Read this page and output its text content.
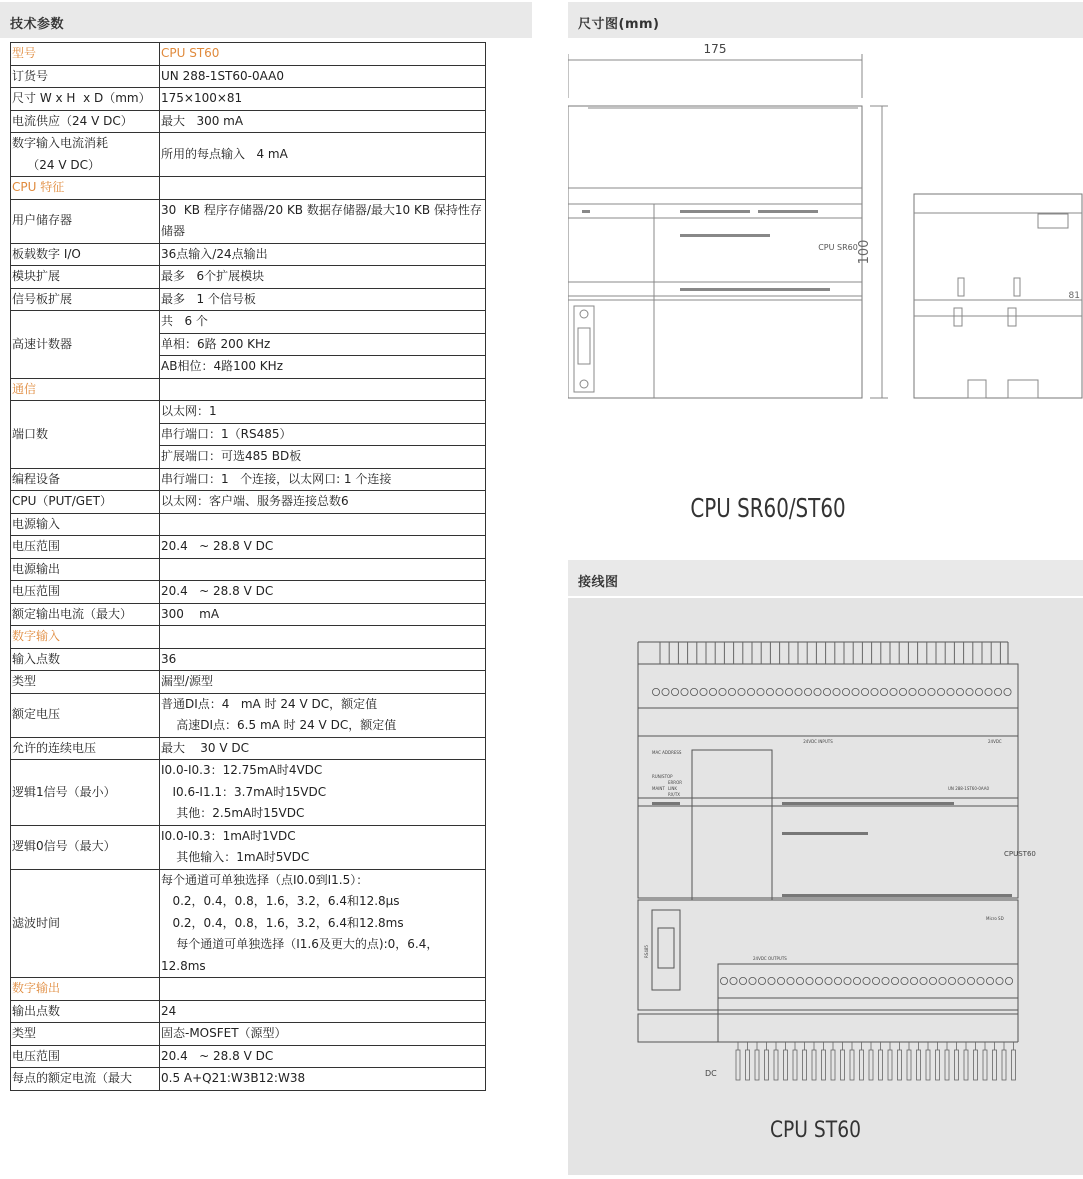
技术参数
型号	CPU ST60
订货号	UN 288-1ST60-0AA0
尺寸 W x H  x D（mm）	175×100×81
电流供应（24 V DC）	最大   300 mA
数字输入电流消耗
（24 V DC）	所用的每点输入   4 mA
CPU 特征	
用户储存器	30  KB 程序存储器/20 KB 数据存储器/最大10 KB 保持性存储器
板载数字 I/O	36点输入/24点输出
模块扩展	最多   6个扩展模块
信号板扩展	最多   1 个信号板
高速计数器	共   6 个
	单相：6路 200 KHz
	AB相位：4路100 KHz
通信	
端口数	以太网：1
	串行端口：1（RS485）
	扩展端口：可选485 BD板
编程设备	串行端口：1   个连接，以太网口: 1 个连接
CPU（PUT/GET）	以太网：客户端、服务器连接总数6
电源输入	
电压范围	20.4   ~ 28.8 V DC
电源输出	
电压范围	20.4   ~ 28.8 V DC
额定输出电流（最大）	300    mA
数字输入	
输入点数	36
类型	漏型/源型
额定电压	普通DI点：4   mA 时 24 V DC，额定值
高速DI点：6.5 mA 时 24 V DC，额定值
允许的连续电压	最大    30 V DC
逻辑1信号（最小）	I0.0-I0.3：12.75mA时4VDC
I0.6-I1.1：3.7mA时15VDC
其他：2.5mA时15VDC
逻辑0信号（最大）	I0.0-I0.3：1mA时1VDC
其他输入：1mA时5VDC
滤波时间	每个通道可单独选择（点I0.0到I1.5）：
0.2，0.4，0.8，1.6，3.2，6.4和12.8μs
0.2，0.4，0.8，1.6，3.2，6.4和12.8ms
每个通道可单独选择（I1.6及更大的点):0，6.4，
12.8ms
数字输出	
输出点数	24
类型	固态-MOSFET（源型）
电压范围	20.4   ~ 28.8 V DC
每点的额定电流（最大	0.5 A+Q21:W3B12:W38
尺寸图(mm)
175
100
81
CPU SR60
CPU SR60/ST60
接线图
CPUST60
24VDC INPUTS	24VDC
UN 288-1ST60-0AA0
MAC ADDRESS
RUN/STOP
ERROR
MAINT LINK
RX/TX
Micro SD
RS485
24VDC OUTPUTS
DC
CPU ST60
